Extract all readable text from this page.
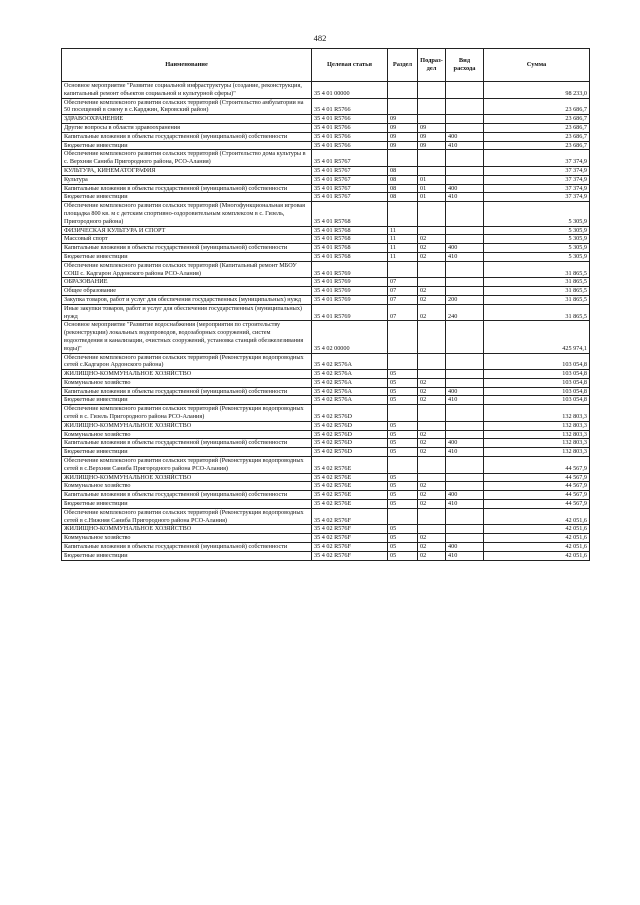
482
Наименование	Целевая статья	Раздел	Подраз-дел	Вид расхода	Сумма
Основное мероприятие "Развитие социальной инфраструктуры (создание, реконструкция, капитальный ремонт объектов социальной и культурной сферы)"	35 4 01 00000				98 233,0
Обеспечение комплексного развития сельских территорий (Строительство амбулатории на 50 посещений в смену в с.Карджин, Кировский район)	35 4 01 R5766				23 686,7
ЗДРАВООХРАНЕНИЕ	35 4 01 R5766	09			23 686,7
Другие вопросы в области здравоохранения	35 4 01 R5766	09	09		23 686,7
Капитальные вложения в объекты государственной (муниципальной) собственности	35 4 01 R5766	09	09	400	23 686,7
Бюджетные инвестиции	35 4 01 R5766	09	09	410	23 686,7
Обеспечение комплексного развития сельских территорий (Строительство дома культуры в с. Верхняя Саниба Пригородного района, РСО-Алания)	35 4 01 R5767				37 374,9
КУЛЬТУРА, КИНЕМАТОГРАФИЯ	35 4 01 R5767	08			37 374,9
Культура	35 4 01 R5767	08	01		37 374,9
Капитальные вложения в объекты государственной (муниципальной) собственности	35 4 01 R5767	08	01	400	37 374,9
Бюджетные инвестиции	35 4 01 R5767	08	01	410	37 374,9
Обеспечение комплексного развития сельских территорий (Многофункциональная игровая площадка 800 кв. м с детским спортивно-оздоровительным комплексом в с. Гизель, Пригородного района)	35 4 01 R5768				5 305,9
ФИЗИЧЕСКАЯ КУЛЬТУРА И СПОРТ	35 4 01 R5768	11			5 305,9
Массовый спорт	35 4 01 R5768	11	02		5 305,9
Капитальные вложения в объекты государственной (муниципальной) собственности	35 4 01 R5768	11	02	400	5 305,9
Бюджетные инвестиции	35 4 01 R5768	11	02	410	5 305,9
Обеспечение комплексного развития сельских территорий (Капитальный ремонт МБОУ СОШ с. Кадгарон Ардонского района РСО-Алания)	35 4 01 R5769				31 865,5
ОБРАЗОВАНИЕ	35 4 01 R5769	07			31 865,5
Общее образование	35 4 01 R5769	07	02		31 865,5
Закупка товаров, работ и услуг для обеспечения государственных (муниципальных) нужд	35 4 01 R5769	07	02	200	31 865,5
Иные закупки товаров, работ и услуг для обеспечения государственных (муниципальных) нужд	35 4 01 R5769	07	02	240	31 865,5
Основное мероприятие "Развитие водоснабжения (мероприятия по строительству (реконструкции) локальных водопроводов, водозаборных сооружений, систем водоотведения и канализации, очистных сооружений, установка станций обезжелезивания воды)"	35 4 02 00000				425 974,1
Обеспечение комплексного развития сельских территорий (Реконструкция водопроводных сетей с.Кадгарон Ардонского района)	35 4 02 R576A				103 054,8
ЖИЛИЩНО-КОММУНАЛЬНОЕ ХОЗЯЙСТВО	35 4 02 R576A	05			103 054,8
Коммунальное хозяйство	35 4 02 R576A	05	02		103 054,8
Капитальные вложения в объекты государственной (муниципальной) собственности	35 4 02 R576A	05	02	400	103 054,8
Бюджетные инвестиции	35 4 02 R576A	05	02	410	103 054,8
Обеспечение комплексного развития сельских территорий (Реконструкция водопроводных сетей в с. Гизель Пригородного района РСО-Алания)	35 4 02 R576D				132 803,3
ЖИЛИЩНО-КОММУНАЛЬНОЕ ХОЗЯЙСТВО	35 4 02 R576D	05			132 803,3
Коммунальное хозяйство	35 4 02 R576D	05	02		132 803,3
Капитальные вложения в объекты государственной (муниципальной) собственности	35 4 02 R576D	05	02	400	132 803,3
Бюджетные инвестиции	35 4 02 R576D	05	02	410	132 803,3
Обеспечение комплексного развития сельских территорий (Реконструкция водопроводных сетей в с.Верхняя Саниба Пригородного района РСО-Алания)	35 4 02 R576E				44 567,9
ЖИЛИЩНО-КОММУНАЛЬНОЕ ХОЗЯЙСТВО	35 4 02 R576E	05			44 567,9
Коммунальное хозяйство	35 4 02 R576E	05	02		44 567,9
Капитальные вложения в объекты государственной (муниципальной) собственности	35 4 02 R576E	05	02	400	44 567,9
Бюджетные инвестиции	35 4 02 R576E	05	02	410	44 567,9
Обеспечение комплексного развития сельских территорий (Реконструкция водопроводных сетей в с.Нижняя Саниба Пригородного района РСО-Алания)	35 4 02 R576F				42 051,6
ЖИЛИЩНО-КОММУНАЛЬНОЕ ХОЗЯЙСТВО	35 4 02 R576F	05			42 051,6
Коммунальное хозяйство	35 4 02 R576F	05	02		42 051,6
Капитальные вложения в объекты государственной (муниципальной) собственности	35 4 02 R576F	05	02	400	42 051,6
Бюджетные инвестиции	35 4 02 R576F	05	02	410	42 051,6
